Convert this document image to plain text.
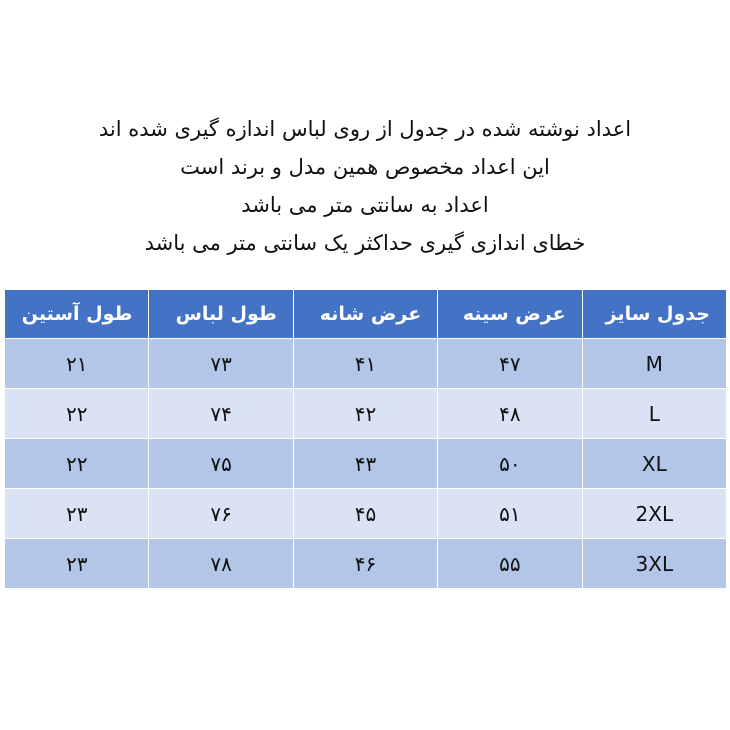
اعداد نوشته شده در جدول از روی لباس اندازه گیری شده اند
این اعداد مخصوص همین مدل و برند است
اعداد به سانتی متر می باشد
خطای اندازی گیری حداکثر یک سانتی متر می باشد
جدول سایز	عرض سینه	عرض شانه	طول لباس	طول آستین
M	۴۷	۴۱	۷۳	۲۱
L	۴۸	۴۲	۷۴	۲۲
XL	۵۰	۴۳	۷۵	۲۲
2XL	۵۱	۴۵	۷۶	۲۳
3XL	۵۵	۴۶	۷۸	۲۳
